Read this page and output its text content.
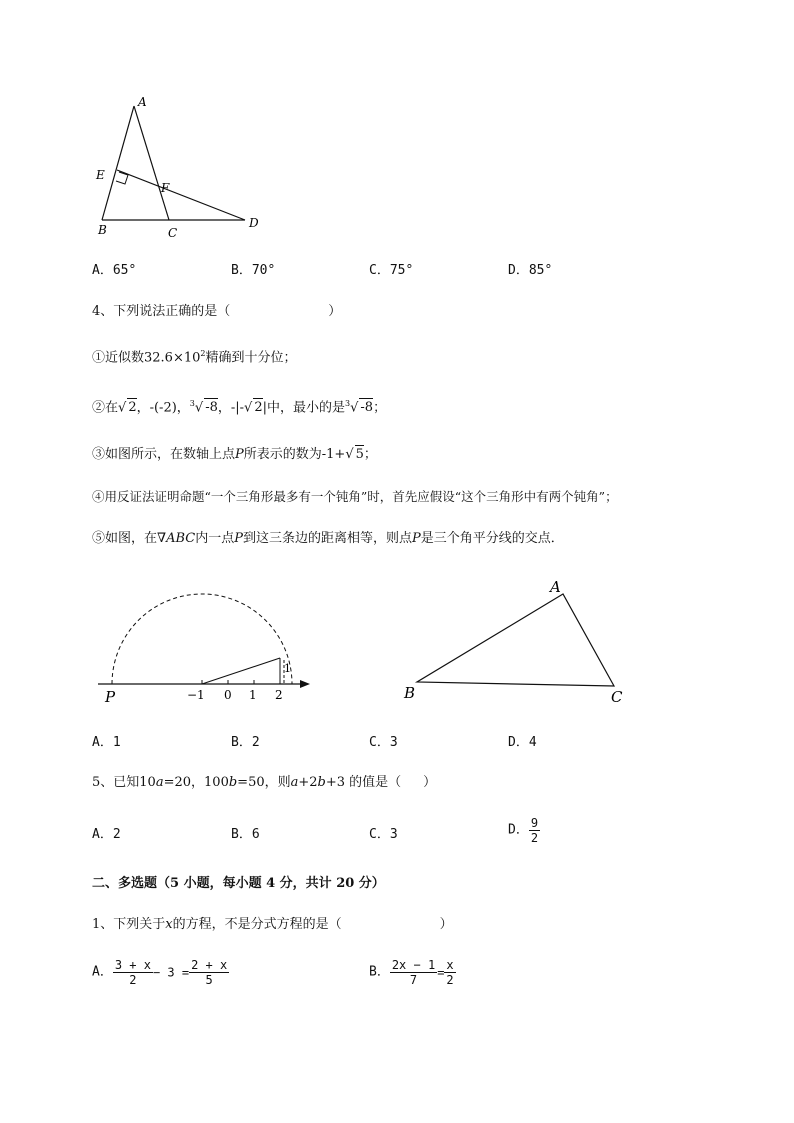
A
E
F
B	C
D
A．65°	B．70°	C．75°	D．85°
4、下列说法正确的是（	）
①近似数$32.6\times 10^2$精确到十分位；
②在√ 2，-(-2)，$^3$√ -8，-|-√ 2|中，最小的是$^3$√ -8；
③如图所示，在数轴上点P所表示的数为-1+√ 5；
④用反证法证明命题“一个三角形最多有一个钝角”时，首先应假设“这个三角形中有两个钝角”；
⑤如图，在∇ABC内一点P到这三条边的距离相等，则点P是三个角平分线的交点．
P	−1 0 1 2
1
A
B	C
A．1	B．2	C．3	D．4
5、已知10a=20，100b=50，则a+2b+3 的值是（ ）
A．2	B．6	C．3	D． $\frac{9}{2}$
二、多选题（5 小题，每小题 4 分，共计 20 分）
1、下列关于x的方程，不是分式方程的是（	）
A． $\frac{3 + x}{2} - 3 = \frac{2 + x}{5}$	B． $\frac{2x - 1}{7} = \frac{x}{2}$
